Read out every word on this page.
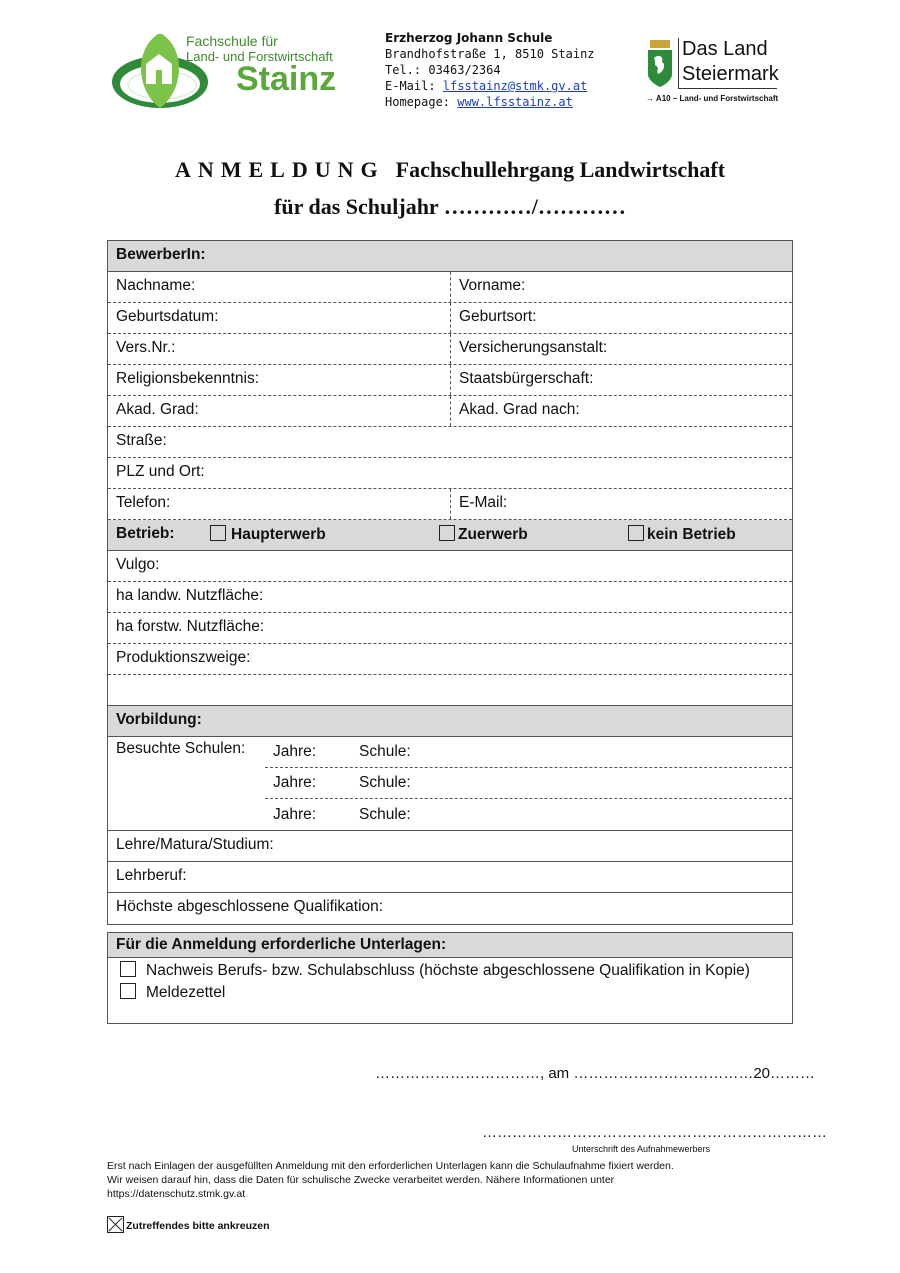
Fachschule für
Land- und Forstwirtschaft
Stainz
Erzherzog Johann Schule
Brandhofstraße 1, 8510 Stainz
Tel.: 03463/2364
E-Mail: lfsstainz@stmk.gv.at
Homepage: www.lfsstainz.at
Das Land
Steiermark
→ A10 – Land- und Forstwirtschaft
ANMELDUNG Fachschullehrgang Landwirtschaft
für das Schuljahr …………/…………
BewerberIn:
Nachname:	Vorname:
Geburtsdatum:	Geburtsort:
Vers.Nr.:	Versicherungsanstalt:
Religionsbekenntnis:	Staatsbürgerschaft:
Akad. Grad:	Akad. Grad nach:
Straße:
PLZ und Ort:
Telefon:	E-Mail:
Betrieb:	Haupterwerb	Zuerwerb	kein Betrieb
Vulgo:
ha landw. Nutzfläche:
ha forstw. Nutzfläche:
Produktionszweige:
Vorbildung:
Besuchte Schulen:	Jahre:	Schule:
Jahre:	Schule:
Jahre:	Schule:
Lehre/Matura/Studium:
Lehrberuf:
Höchste abgeschlossene Qualifikation:
Für die Anmeldung erforderliche Unterlagen:
Nachweis Berufs- bzw. Schulabschluss (höchste abgeschlossene Qualifikation in Kopie)
Meldezettel
……………………………, am ………………………………20………
……………………………………………………………
Unterschrift des Aufnahmewerbers
Erst nach Einlagen der ausgefüllten Anmeldung mit den erforderlichen Unterlagen kann die Schulaufnahme fixiert werden.
Wir weisen darauf hin, dass die Daten für schulische Zwecke verarbeitet werden. Nähere Informationen unter
https://datenschutz.stmk.gv.at
Zutreffendes bitte ankreuzen
